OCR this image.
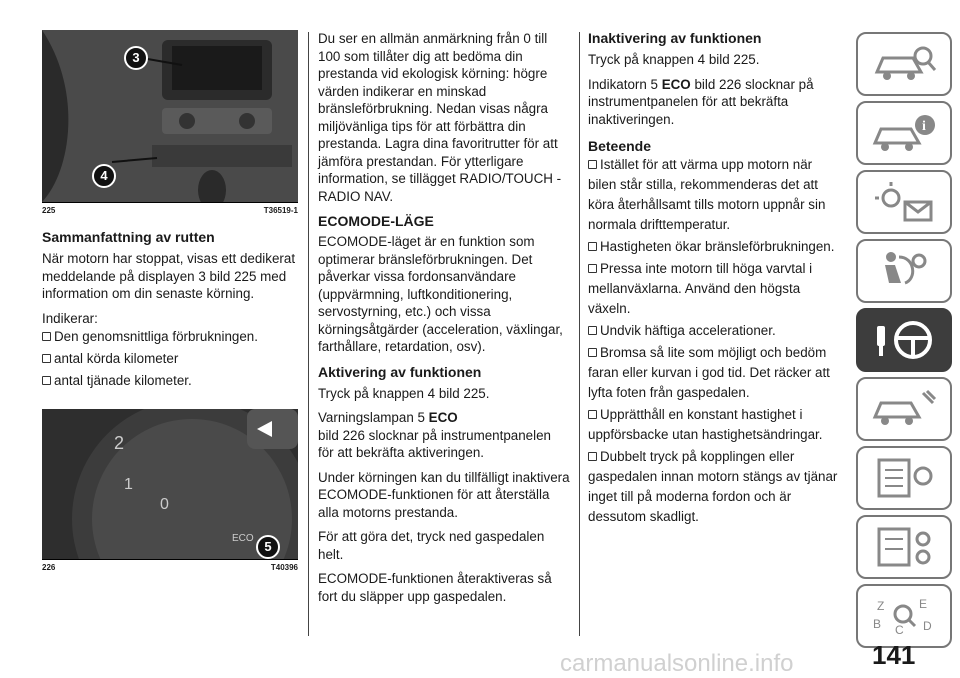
3
4
225	T36519-1
Sammanfattning av rutten

När motorn har stoppat, visas ett dedikerat meddelande på displayen 3 bild 225 med information om din senaste körning.

Indikerar:

Den genomsnittliga förbrukningen.
antal körda kilometer
antal tjänade kilometer.
2
1
0
ECO
5
226	T40396

Du ser en allmän anmärkning från 0 till 100 som tillåter dig att bedöma din prestanda vid ekologisk körning: högre värden indikerar en minskad bränsleförbrukning. Nedan visas några miljövänliga tips för att förbättra din prestanda. Lagra dina favoritrutter för att jämföra prestandan. För ytterligare information, se tillägget RADIO/TOUCH - RADIO NAV.

ECOMODE-LÄGE

ECOMODE-läget är en funktion som optimerar bränsleförbrukningen. Det påverkar vissa fordonsanvändare (uppvärmning, luftkonditionering, servostyrning, etc.) och vissa körningsåtgärder (acceleration, växlingar, farthållare, retardation, osv).

Aktivering av funktionen

Tryck på knappen 4 bild 225.

Varningslampan 5 ECO
bild 226 slocknar på instrumentpanelen för att bekräfta aktiveringen.

Under körningen kan du tillfälligt inaktivera ECOMODE-funktionen för att återställa alla motorns prestanda.

För att göra det, tryck ned gaspedalen helt.

ECOMODE-funktionen återaktiveras så fort du släpper upp gaspedalen.

Inaktivering av funktionen

Tryck på knappen 4 bild 225.

Indikatorn 5 ECO bild 226 slocknar på instrumentpanelen för att bekräfta inaktiveringen.

Beteende
Istället för att värma upp motorn när bilen står stilla, rekommenderas det att köra återhållsamt tills motorn uppnår sin normala drifttemperatur.
Hastigheten ökar bränsleförbrukningen.
Pressa inte motorn till höga varvtal i mellanväxlarna. Använd den högsta växeln.
Undvik häftiga accelerationer.
Bromsa så lite som möjligt och bedöm faran eller kurvan i god tid. Det räcker att lyfta foten från gaspedalen.
Upprätthåll en konstant hastighet i uppförsbacke utan hastighetsändringar.
Dubbelt tryck på kopplingen eller gaspedalen innan motorn stängs av tjänar inget till på moderna fordon och är dessutom skadligt.
i
Z	E
B C D
141
carmanualsonline.info
